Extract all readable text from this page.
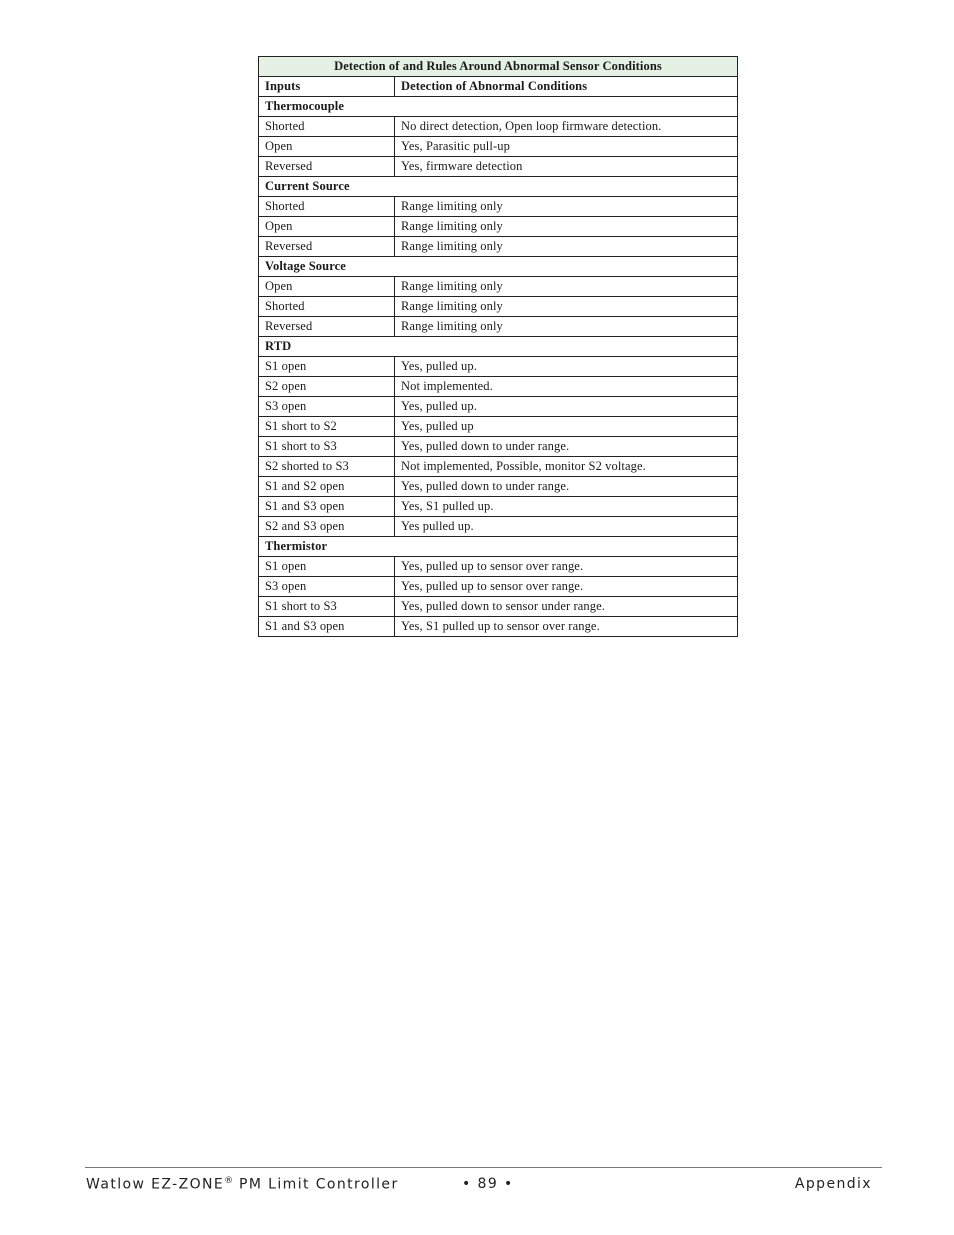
Detection of and Rules Around Abnormal Sensor Conditions	
Inputs	Detection of Abnormal Conditions
Thermocouple	
Shorted	No direct detection, Open loop firmware detection.
Open	Yes, Parasitic pull-up
Reversed	Yes, firmware detection
Current Source	
Shorted	Range limiting only
Open	Range limiting only
Reversed	Range limiting only
Voltage Source	
Open	Range limiting only
Shorted	Range limiting only
Reversed	Range limiting only
RTD	
S1 open	Yes, pulled up.
S2 open	Not implemented.
S3 open	Yes, pulled up.
S1 short to S2	Yes, pulled up
S1 short to S3	Yes, pulled down to under range.
S2 shorted to S3	Not implemented, Possible, monitor S2 voltage.
S1 and S2 open	Yes, pulled down to under range.
S1 and S3 open	Yes, S1 pulled up.
S2 and S3 open	Yes pulled up.
Thermistor	
S1 open	Yes, pulled up to sensor over range.
S3 open	Yes, pulled up to sensor over range.
S1 short to S3	Yes, pulled down to sensor under range.
S1 and S3 open	Yes, S1 pulled up to sensor over range.
Watlow EZ-ZONE® PM Limit Controller	• 89 •	Appendix
